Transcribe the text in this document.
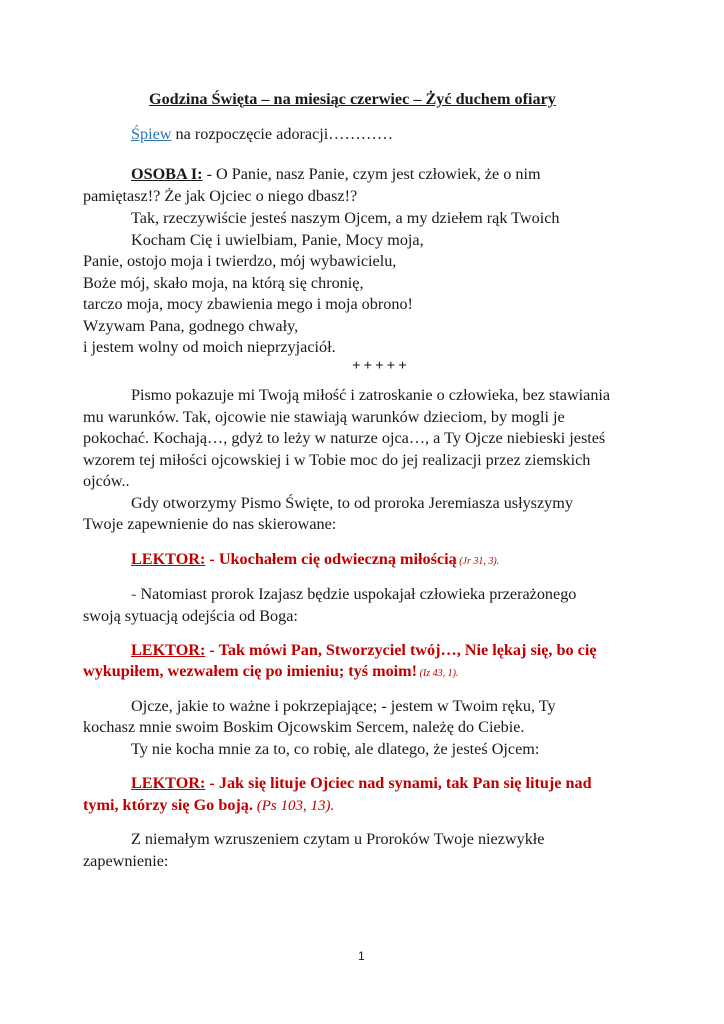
Godzina Święta – na miesiąc czerwiec – Żyć duchem ofiary
Śpiew na rozpoczęcie adoracji…………
OSOBA I: - O Panie, nasz Panie, czym jest człowiek, że o nim
pamiętasz!? Że jak Ojciec o niego dbasz!?
Tak, rzeczywiście jesteś naszym Ojcem, a my dziełem rąk Twoich
Kocham Cię i uwielbiam, Panie, Mocy moja,
Panie, ostojo moja i twierdzo, mój wybawicielu,
Boże mój, skało moja, na którą się chronię,
tarczo moja, mocy zbawienia mego i moja obrono!
Wzywam Pana, godnego chwały,
i jestem wolny od moich nieprzyjaciół.
+++++
Pismo pokazuje mi Twoją miłość i zatroskanie o człowieka, bez stawiania
mu warunków. Tak, ojcowie nie stawiają warunków dzieciom, by mogli je
pokochać. Kochają…, gdyż to leży w naturze ojca…, a Ty Ojcze niebieski jesteś
wzorem tej miłości ojcowskiej i w Tobie moc do jej realizacji przez ziemskich
ojców..
Gdy otworzymy Pismo Święte, to od proroka Jeremiasza usłyszymy
Twoje zapewnienie do nas skierowane:
LEKTOR: - Ukochałem cię odwieczną miłością (Jr 31, 3).
- Natomiast prorok Izajasz będzie uspokajał człowieka przerażonego
swoją sytuacją odejścia od Boga:
LEKTOR: - Tak mówi Pan, Stworzyciel twój…, Nie lękaj się, bo cię
wykupiłem, wezwałem cię po imieniu; tyś moim! (Iz 43, 1).
Ojcze, jakie to ważne i pokrzepiające; - jestem w Twoim ręku, Ty
kochasz mnie swoim Boskim Ojcowskim Sercem, należę do Ciebie.
Ty nie kocha mnie za to, co robię, ale dlatego, że jesteś Ojcem:
LEKTOR: - Jak się lituje Ojciec nad synami, tak Pan się lituje nad
tymi, którzy się Go boją. (Ps 103, 13).
Z niemałym wzruszeniem czytam u Proroków Twoje niezwykłe
zapewnienie:
1
